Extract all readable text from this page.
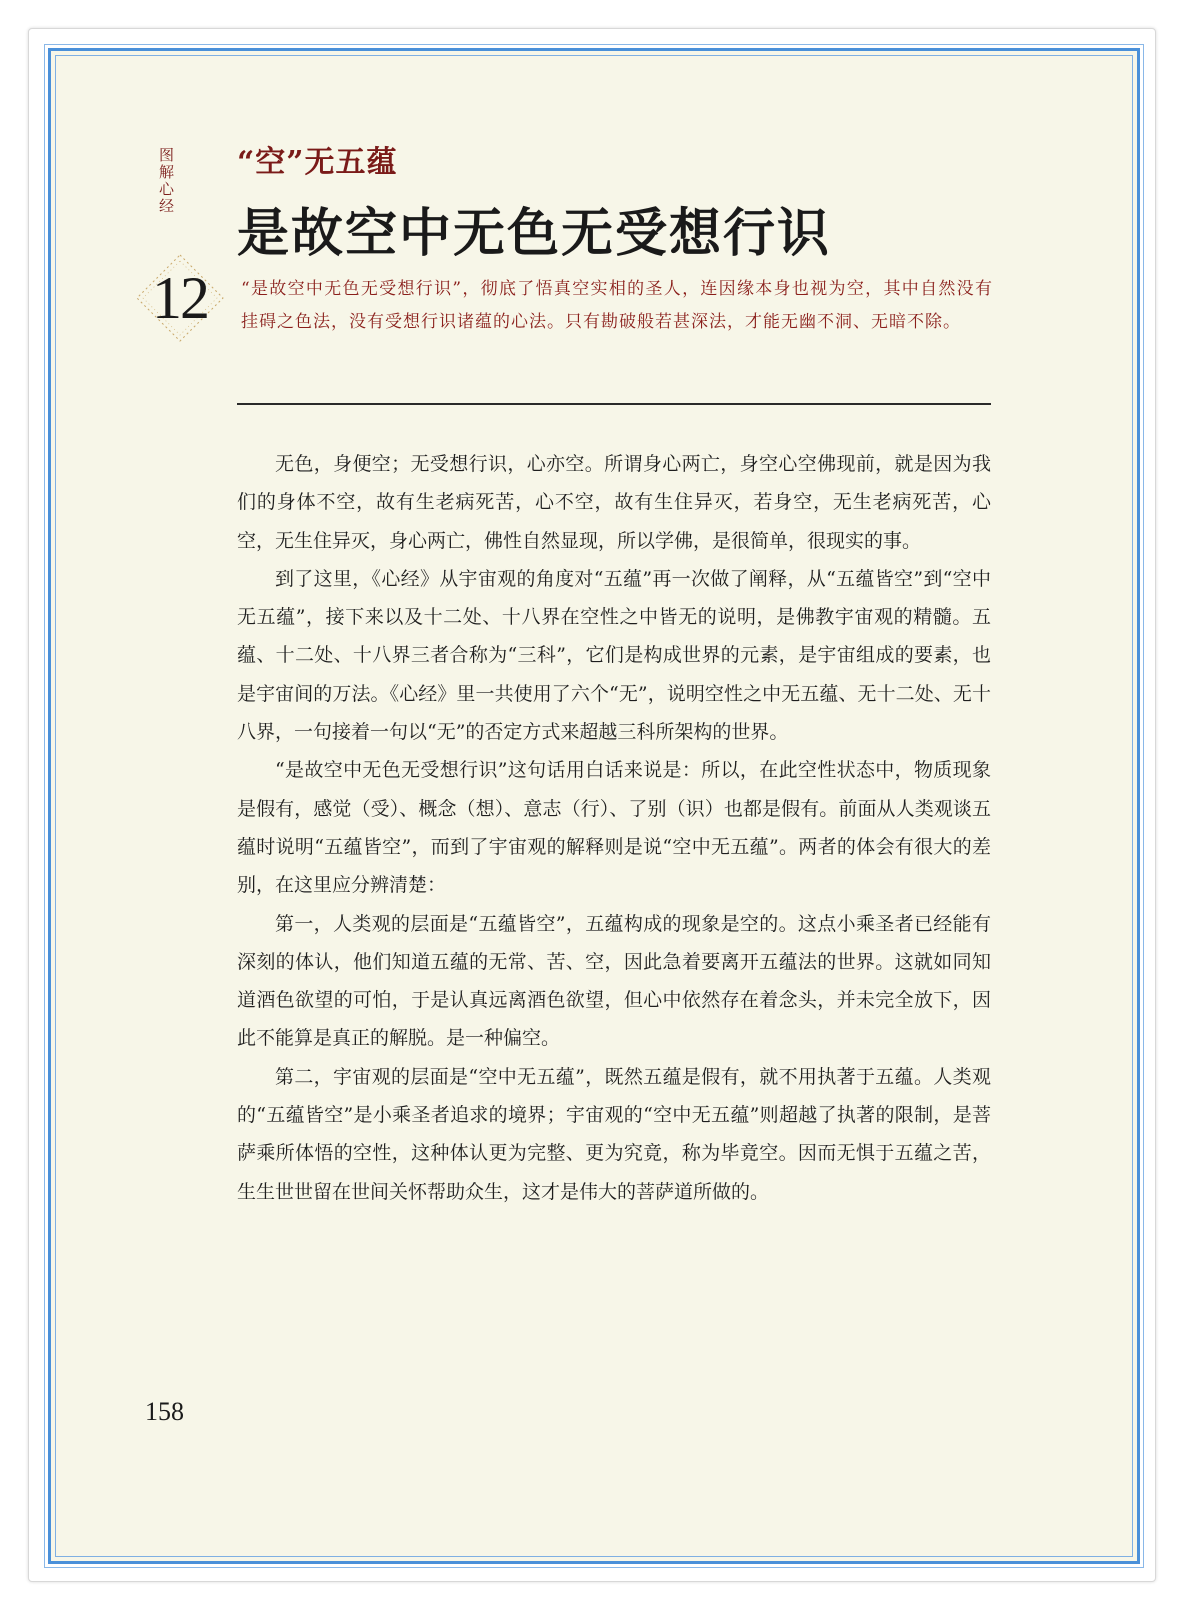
图解心经
12
“空”无五蕴
是故空中无色无受想行识
“是故空中无色无受想行识”，彻底了悟真空实相的圣人，连因缘本身也视为空，其中自然没有挂碍之色法，没有受想行识诸蕴的心法。只有勘破般若甚深法，才能无幽不洞、无暗不除。

无色，身便空；无受想行识，心亦空。所谓身心两亡，身空心空佛现前，就是因为我们的身体不空，故有生老病死苦，心不空，故有生住异灭，若身空，无生老病死苦，心空，无生住异灭，身心两亡，佛性自然显现，所以学佛，是很简单，很现实的事。

到了这里，《心经》从宇宙观的角度对“五蕴”再一次做了阐释，从“五蕴皆空”到“空中无五蕴”，接下来以及十二处、十八界在空性之中皆无的说明，是佛教宇宙观的精髓。五蕴、十二处、十八界三者合称为“三科”，它们是构成世界的元素，是宇宙组成的要素，也是宇宙间的万法。《心经》里一共使用了六个“无”，说明空性之中无五蕴、无十二处、无十八界，一句接着一句以“无”的否定方式来超越三科所架构的世界。

“是故空中无色无受想行识”这句话用白话来说是：所以，在此空性状态中，物质现象是假有，感觉（受）、概念（想）、意志（行）、了别（识）也都是假有。前面从人类观谈五蕴时说明“五蕴皆空”，而到了宇宙观的解释则是说“空中无五蕴”。两者的体会有很大的差别，在这里应分辨清楚：

第一，人类观的层面是“五蕴皆空”，五蕴构成的现象是空的。这点小乘圣者已经能有深刻的体认，他们知道五蕴的无常、苦、空，因此急着要离开五蕴法的世界。这就如同知道酒色欲望的可怕，于是认真远离酒色欲望，但心中依然存在着念头，并未完全放下，因此不能算是真正的解脱。是一种偏空。

第二，宇宙观的层面是“空中无五蕴”，既然五蕴是假有，就不用执著于五蕴。人类观的“五蕴皆空”是小乘圣者追求的境界；宇宙观的“空中无五蕴”则超越了执著的限制，是菩萨乘所体悟的空性，这种体认更为完整、更为究竟，称为毕竟空。因而无惧于五蕴之苦，生生世世留在世间关怀帮助众生，这才是伟大的菩萨道所做的。

158
